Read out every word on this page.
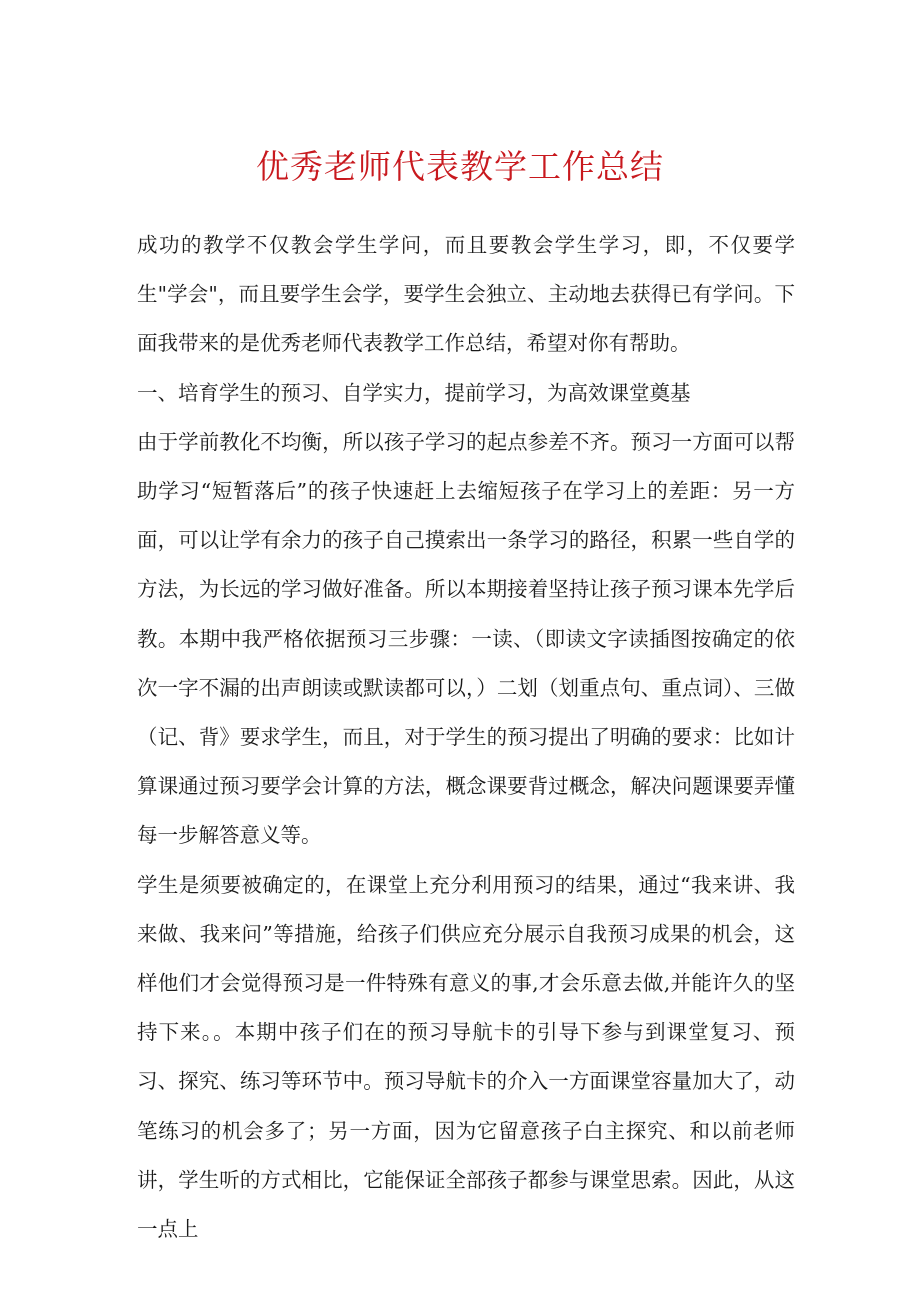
优秀老师代表教学工作总结

成功的教学不仅教会学生学问，而且要教会学生学习，即，不仅要学生"学会"，而且要学生会学，要学生会独立、主动地去获得已有学问。下面我带来的是优秀老师代表教学工作总结，希望对你有帮助。

一、培育学生的预习、自学实力，提前学习，为高效课堂奠基

由于学前教化不均衡，所以孩子学习的起点参差不齐。预习一方面可以帮助学习“短暂落后”的孩子快速赶上去缩短孩子在学习上的差距：另一方面，可以让学有余力的孩子自己摸索出一条学习的路径，积累一些自学的方法，为长远的学习做好准备。所以本期接着坚持让孩子预习课本先学后教。本期中我严格依据预习三步骤：一读、（即读文字读插图按确定的依次一字不漏的出声朗读或默读都可以，）二划（划重点句、重点词）、三做（记、背》要求学生，而且，对于学生的预习提出了明确的要求：比如计算课通过预习要学会计算的方法，概念课要背过概念，解决问题课要弄懂每一步解答意义等。

学生是须要被确定的，在课堂上充分利用预习的结果，通过“我来讲、我来做、我来问”等措施，给孩子们供应充分展示自我预习成果的机会，这样他们才会觉得预习是一件特殊有意义的事,才会乐意去做,并能许久的坚持下来。。本期中孩子们在的预习导航卡的引导下参与到课堂复习、预习、探究、练习等环节中。预习导航卡的介入一方面课堂容量加大了，动笔练习的机会多了；另一方面，因为它留意孩子白主探究、和以前老师讲，学生听的方式相比，它能保证全部孩子都参与课堂思索。因此，从这一点上
